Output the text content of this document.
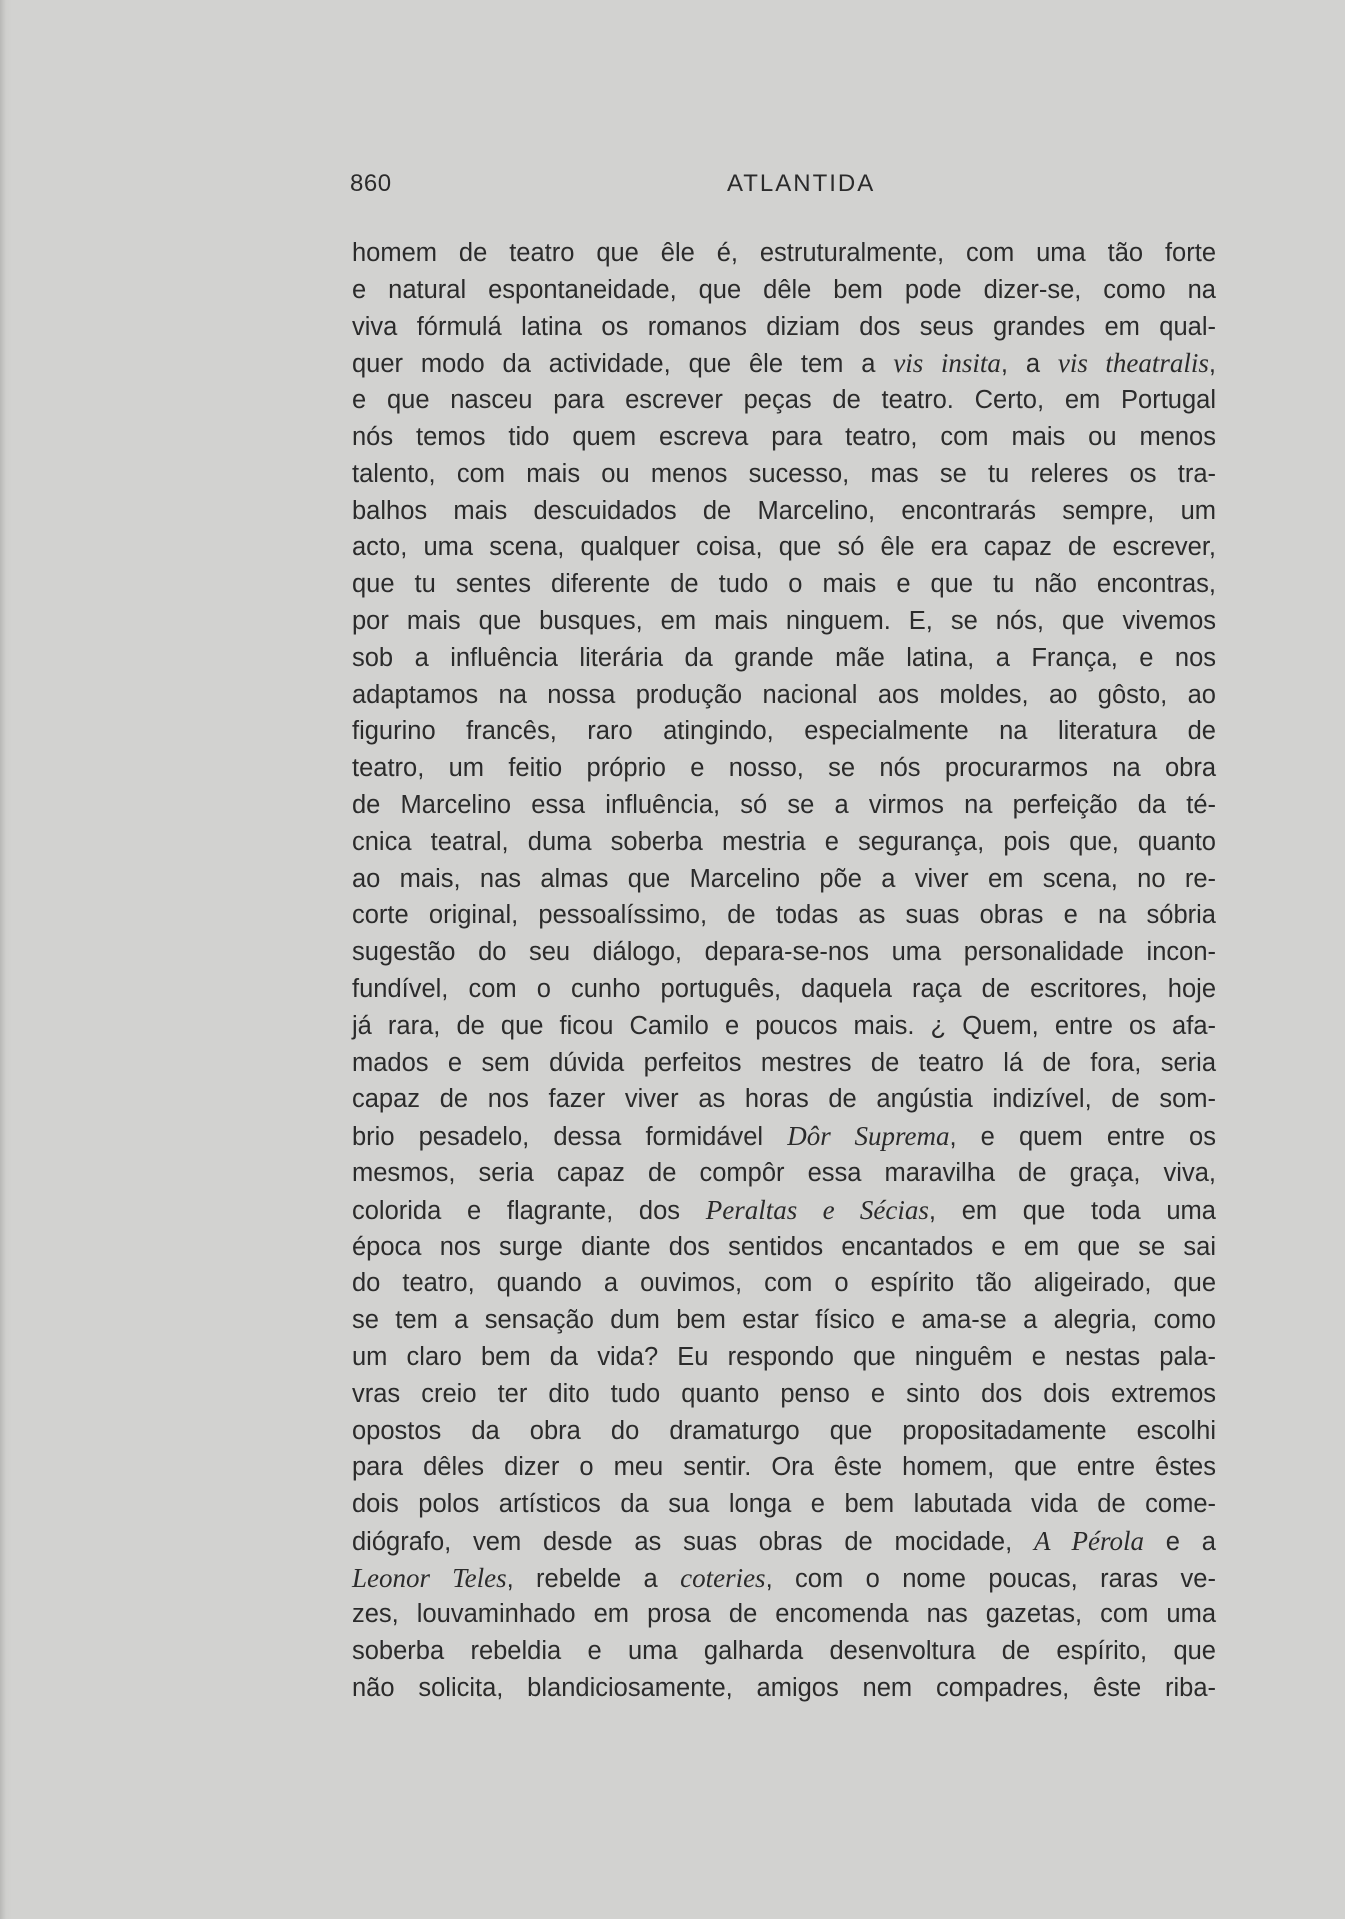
860	ATLANTIDA
homem de teatro que êle é, estruturalmente, com uma tão forte
e natural espontaneidade, que dêle bem pode dizer-se, como na
viva fórmulá latina os romanos diziam dos seus grandes em qual-
quer modo da actividade, que êle tem a vis insita, a vis theatralis,
e que nasceu para escrever peças de teatro. Certo, em Portugal
nós temos tido quem escreva para teatro, com mais ou menos
talento, com mais ou menos sucesso, mas se tu releres os tra-
balhos mais descuidados de Marcelino, encontrarás sempre, um
acto, uma scena, qualquer coisa, que só êle era capaz de escrever,
que tu sentes diferente de tudo o mais e que tu não encontras,
por mais que busques, em mais ninguem. E, se nós, que vivemos
sob a influência literária da grande mãe latina, a França, e nos
adaptamos na nossa produção nacional aos moldes, ao gôsto, ao
figurino francês, raro atingindo, especialmente na literatura de
teatro, um feitio próprio e nosso, se nós procurarmos na obra
de Marcelino essa influência, só se a virmos na perfeição da té-
cnica teatral, duma soberba mestria e segurança, pois que, quanto
ao mais, nas almas que Marcelino põe a viver em scena, no re-
corte original, pessoalíssimo, de todas as suas obras e na sóbria
sugestão do seu diálogo, depara-se-nos uma personalidade incon-
fundível, com o cunho português, daquela raça de escritores, hoje
já rara, de que ficou Camilo e poucos mais. ¿ Quem, entre os afa-
mados e sem dúvida perfeitos mestres de teatro lá de fora, seria
capaz de nos fazer viver as horas de angústia indizível, de som-
brio pesadelo, dessa formidável Dôr Suprema, e quem entre os
mesmos, seria capaz de compôr essa maravilha de graça, viva,
colorida e flagrante, dos Peraltas e Sécias, em que toda uma
época nos surge diante dos sentidos encantados e em que se sai
do teatro, quando a ouvimos, com o espírito tão aligeirado, que
se tem a sensação dum bem estar físico e ama-se a alegria, como
um claro bem da vida? Eu respondo que ninguêm e nestas pala-
vras creio ter dito tudo quanto penso e sinto dos dois extremos
opostos da obra do dramaturgo que propositadamente escolhi
para dêles dizer o meu sentir. Ora êste homem, que entre êstes
dois polos artísticos da sua longa e bem labutada vida de come-
diógrafo, vem desde as suas obras de mocidade, A Pérola e a
Leonor Teles, rebelde a coteries, com o nome poucas, raras ve-
zes, louvaminhado em prosa de encomenda nas gazetas, com uma
soberba rebeldia e uma galharda desenvoltura de espírito, que
não solicita, blandiciosamente, amigos nem compadres, êste riba-
